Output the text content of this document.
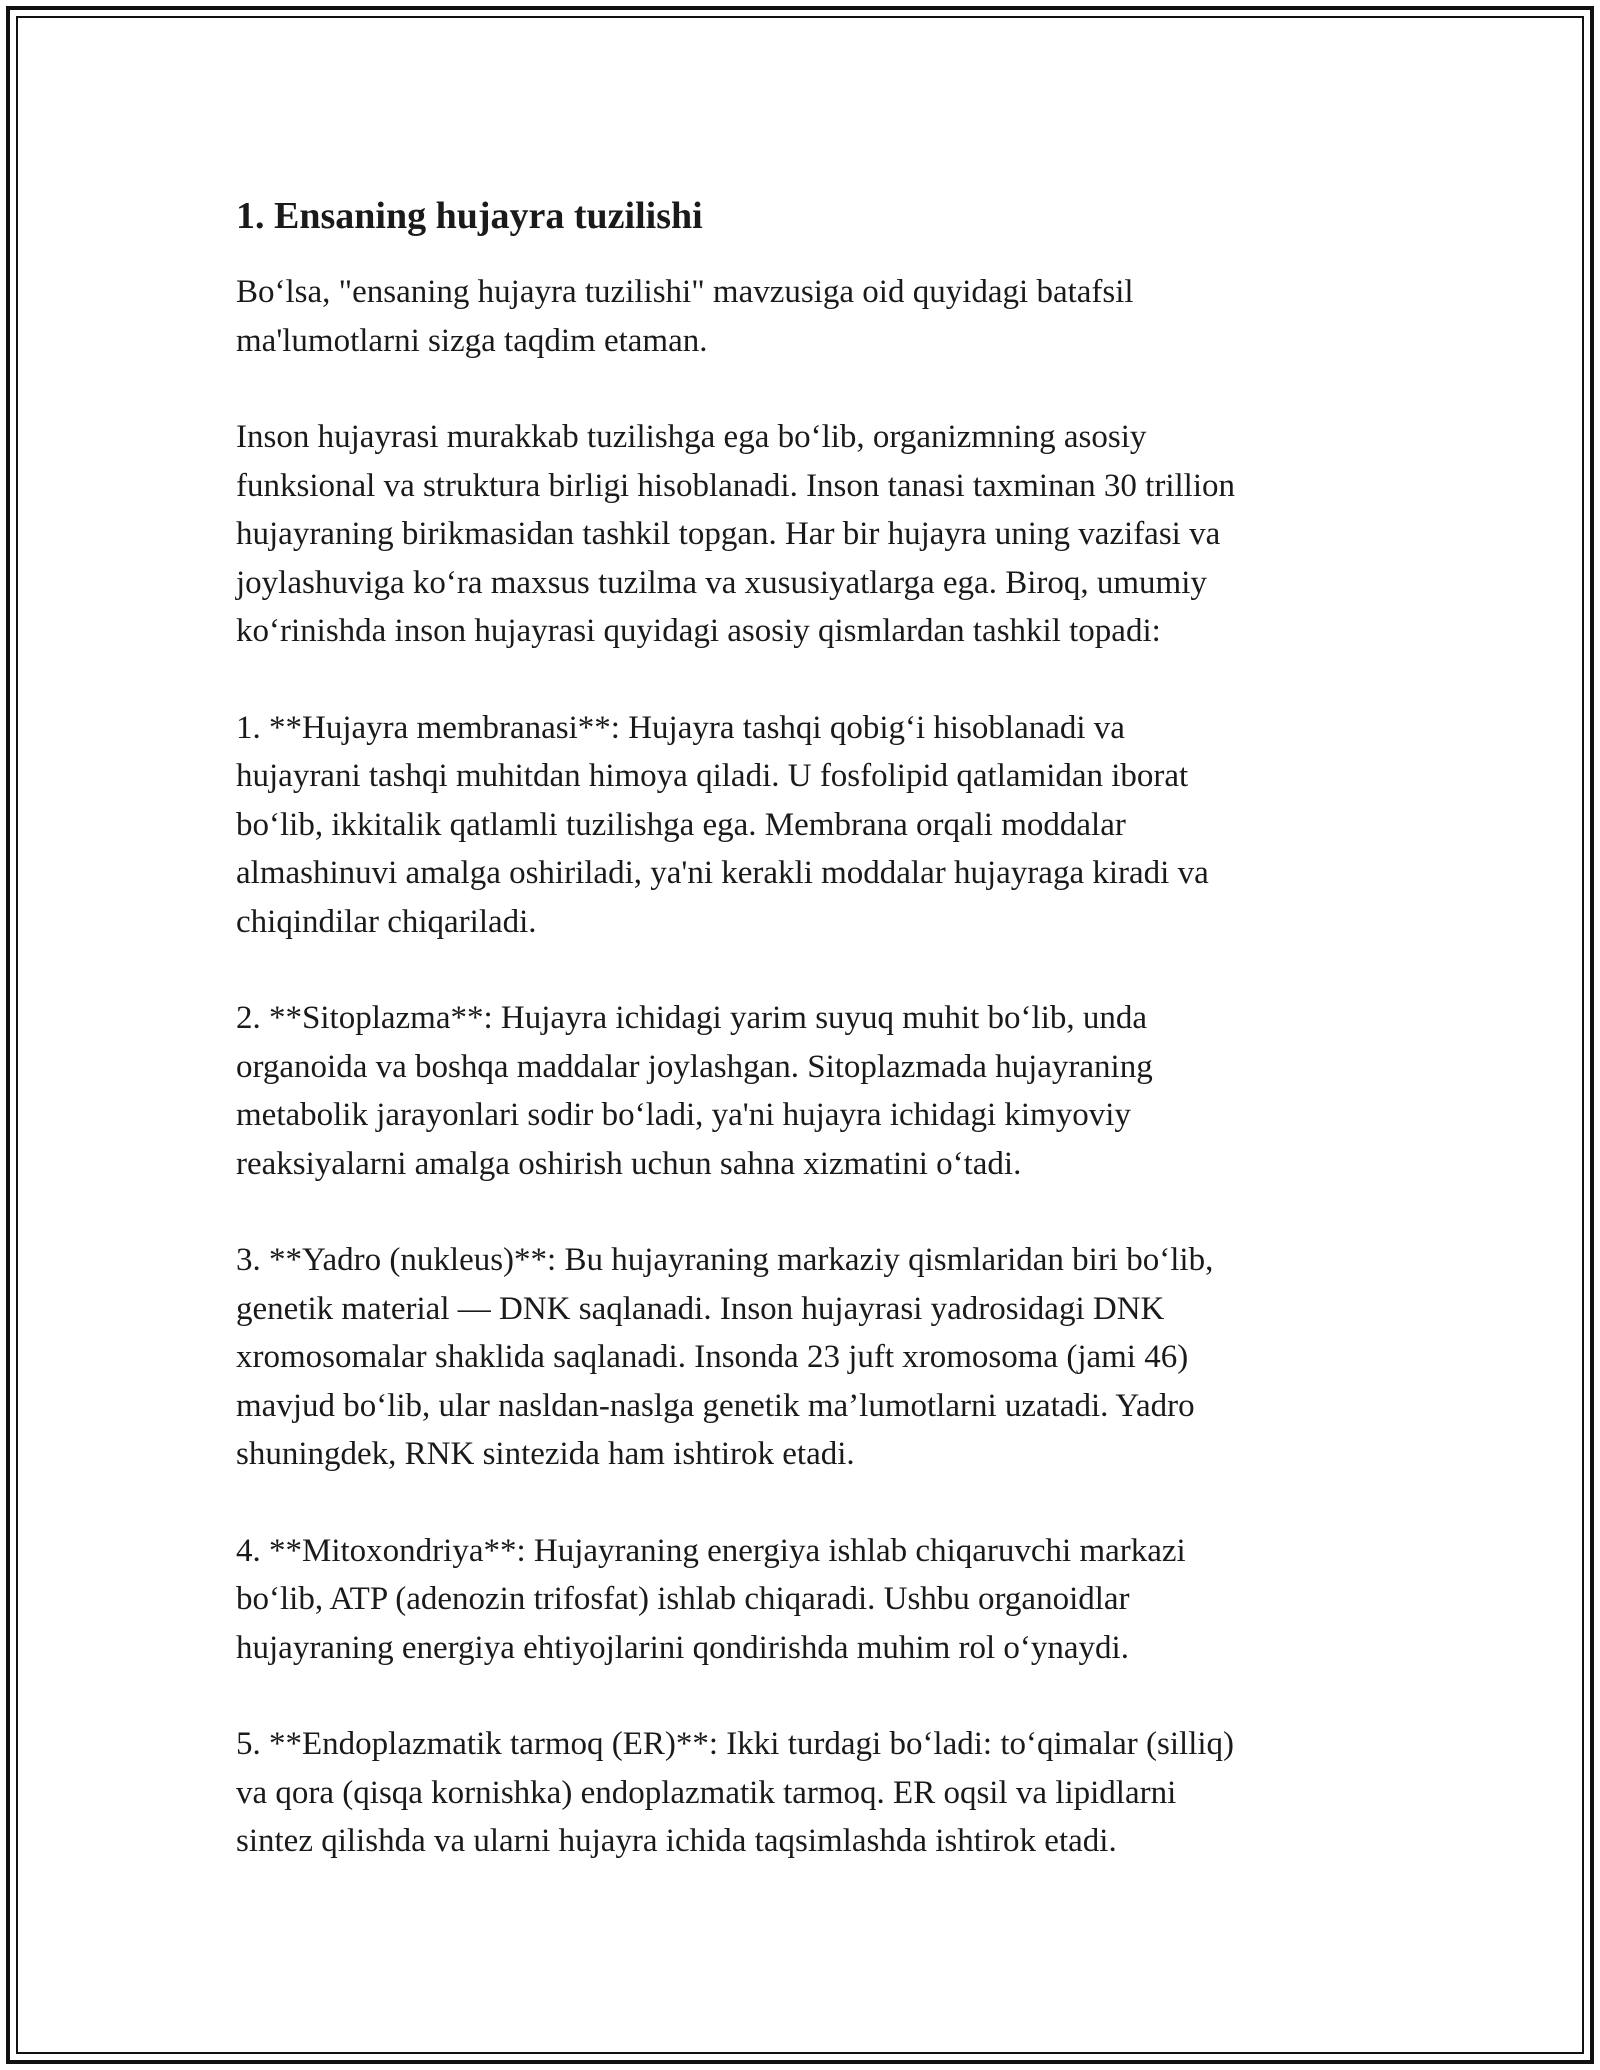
1. Ensaning hujayra tuzilishi

Bo‘lsa, "ensaning hujayra tuzilishi" mavzusiga oid quyidagi batafsil
ma'lumotlarni sizga taqdim etaman.

Inson hujayrasi murakkab tuzilishga ega bo‘lib, organizmning asosiy
funksional va struktura birligi hisoblanadi. Inson tanasi taxminan 30 trillion
hujayraning birikmasidan tashkil topgan. Har bir hujayra uning vazifasi va
joylashuviga ko‘ra maxsus tuzilma va xususiyatlarga ega. Biroq, umumiy
ko‘rinishda inson hujayrasi quyidagi asosiy qismlardan tashkil topadi:

1. **Hujayra membranasi**: Hujayra tashqi qobig‘i hisoblanadi va
hujayrani tashqi muhitdan himoya qiladi. U fosfolipid qatlamidan iborat
bo‘lib, ikkitalik qatlamli tuzilishga ega. Membrana orqali moddalar
almashinuvi amalga oshiriladi, ya'ni kerakli moddalar hujayraga kiradi va
chiqindilar chiqariladi.

2. **Sitoplazma**: Hujayra ichidagi yarim suyuq muhit bo‘lib, unda
organoida va boshqa maddalar joylashgan. Sitoplazmada hujayraning
metabolik jarayonlari sodir bo‘ladi, ya'ni hujayra ichidagi kimyoviy
reaksiyalarni amalga oshirish uchun sahna xizmatini o‘tadi.

3. **Yadro (nukleus)**: Bu hujayraning markaziy qismlaridan biri bo‘lib,
genetik material — DNK saqlanadi. Inson hujayrasi yadrosidagi DNK
xromosomalar shaklida saqlanadi. Insonda 23 juft xromosoma (jami 46)
mavjud bo‘lib, ular nasldan-naslga genetik ma’lumotlarni uzatadi. Yadro
shuningdek, RNK sintezida ham ishtirok etadi.

4. **Mitoxondriya**: Hujayraning energiya ishlab chiqaruvchi markazi
bo‘lib, ATP (adenozin trifosfat) ishlab chiqaradi. Ushbu organoidlar
hujayraning energiya ehtiyojlarini qondirishda muhim rol o‘ynaydi.

5. **Endoplazmatik tarmoq (ER)**: Ikki turdagi bo‘ladi: to‘qimalar (silliq)
va qora (qisqa kornishka) endoplazmatik tarmoq. ER oqsil va lipidlarni
sintez qilishda va ularni hujayra ichida taqsimlashda ishtirok etadi.
